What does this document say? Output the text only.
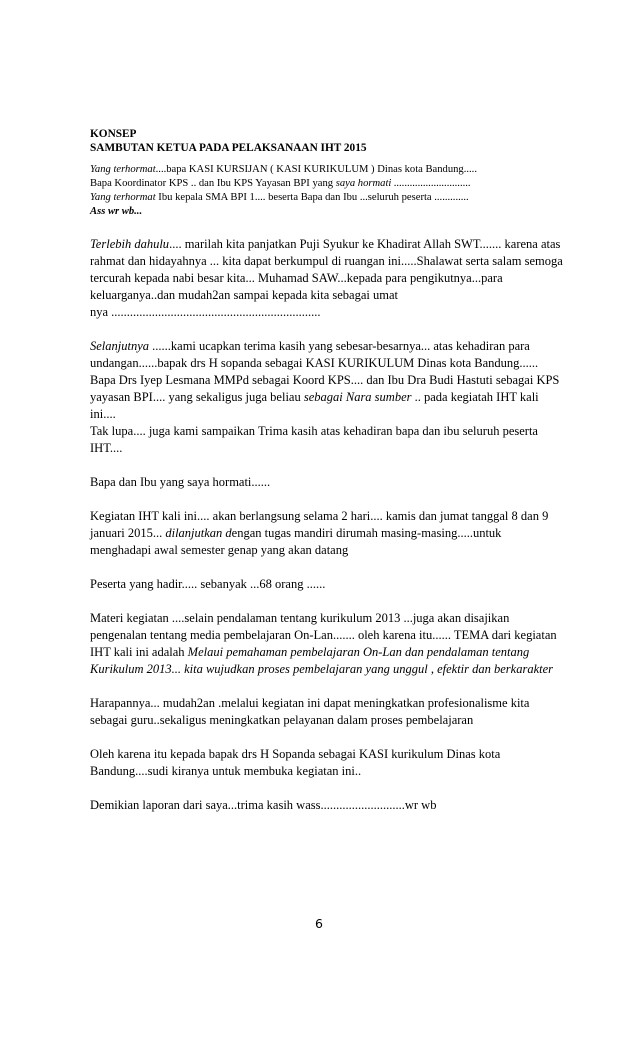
KONSEP
SAMBUTAN KETUA PADA PELAKSANAAN IHT 2015
Yang terhormat....bapa KASI KURSIJAN ( KASI KURIKULUM ) Dinas kota Bandung.....
Bapa Koordinator KPS .. dan Ibu KPS Yayasan BPI yang saya hormati .............................
Yang terhormat Ibu kepala SMA BPI 1.... beserta Bapa dan Ibu ...seluruh peserta .............
Ass wr wb...

Terlebih dahulu.... marilah kita panjatkan Puji Syukur ke Khadirat Allah SWT....... karena atas rahmat dan hidayahnya ... kita dapat berkumpul di ruangan ini.....Shalawat serta salam semoga tercurah kepada nabi besar kita... Muhamad SAW...kepada para pengikutnya...para keluarganya..dan mudah2an sampai kepada kita sebagai umat

nya ...................................................................

Selanjutnya ......kami ucapkan terima kasih yang sebesar-besarnya... atas kehadiran para undangan......bapak drs H sopanda sebagai KASI KURIKULUM Dinas kota Bandung...... Bapa Drs Iyep Lesmana MMPd sebagai Koord KPS.... dan Ibu Dra Budi Hastuti sebagai KPS yayasan BPI.... yang sekaligus juga beliau sebagai Nara sumber .. pada kegiatah IHT kali ini....

Tak lupa.... juga kami sampaikan Trima kasih atas kehadiran bapa dan ibu seluruh peserta IHT....

Bapa dan Ibu yang saya hormati......

Kegiatan IHT kali ini.... akan berlangsung selama 2 hari.... kamis dan jumat tanggal 8 dan 9 januari 2015... dilanjutkan dengan tugas mandiri dirumah masing-masing.....untuk menghadapi awal semester genap yang akan datang

Peserta yang hadir..... sebanyak ...68 orang ......

Materi kegiatan ....selain pendalaman tentang kurikulum 2013 ...juga akan disajikan pengenalan tentang media pembelajaran On-Lan....... oleh karena itu...... TEMA dari kegiatan IHT kali ini adalah Melaui pemahaman pembelajaran On-Lan dan pendalaman tentang Kurikulum 2013... kita wujudkan proses pembelajaran yang unggul , efektir dan berkarakter

Harapannya... mudah2an .melalui kegiatan ini dapat meningkatkan profesionalisme kita sebagai guru..sekaligus meningkatkan pelayanan dalam proses pembelajaran

Oleh karena itu kepada bapak drs H Sopanda sebagai KASI kurikulum Dinas kota Bandung....sudi kiranya untuk membuka kegiatan ini..

Demikian laporan dari saya...trima kasih wass...........................wr wb

6
